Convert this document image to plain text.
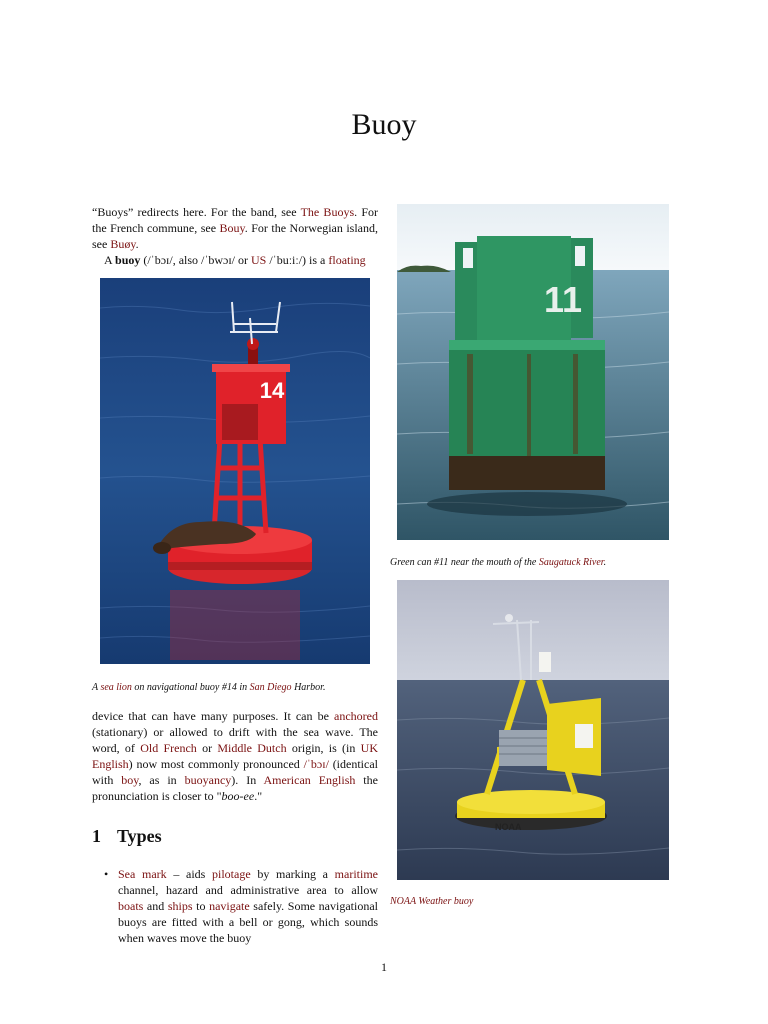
Buoy

“Buoys” redirects here. For the band, see The Buoys. For the French commune, see Bouy. For the Norwegian island, see Buøy.
A buoy (/ˈbɔɪ/, also /ˈbwɔɪ/ or US /ˈbuːiː/) is a floating

14
A sea lion on navigational buoy #14 in San Diego Harbor.
11
Green can #11 near the mouth of the Saugatuck River.
NOAA
NOAA Weather buoy

device that can have many purposes. It can be anchored (stationary) or allowed to drift with the sea wave. The word, of Old French or Middle Dutch origin, is (in UK English) now most commonly pronounced /ˈbɔɪ/ (identical with boy, as in buoyancy). In American English the pronunciation is closer to "boo-ee."

1 Types
• Sea mark – aids pilotage by marking a maritime channel, hazard and administrative area to allow boats and ships to navigate safely. Some navigational buoys are fitted with a bell or gong, which sounds when waves move the buoy
1
